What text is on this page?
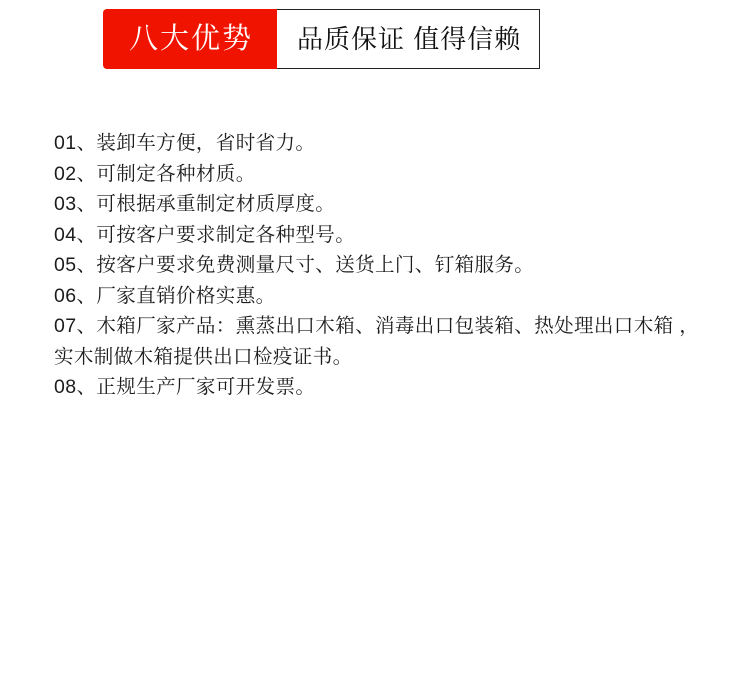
八大优势	品质保证 值得信赖
01、装卸车方便，省时省力。
02、可制定各种材质。
03、可根据承重制定材质厚度。
04、可按客户要求制定各种型号。
05、按客户要求免费测量尺寸、送货上门、钉箱服务。
06、厂家直销价格实惠。
07、木箱厂家产品：熏蒸出口木箱、消毒出口包装箱、热处理出口木箱 ， 实木制做木箱提供出口检疫证书。
08、正规生产厂家可开发票。
